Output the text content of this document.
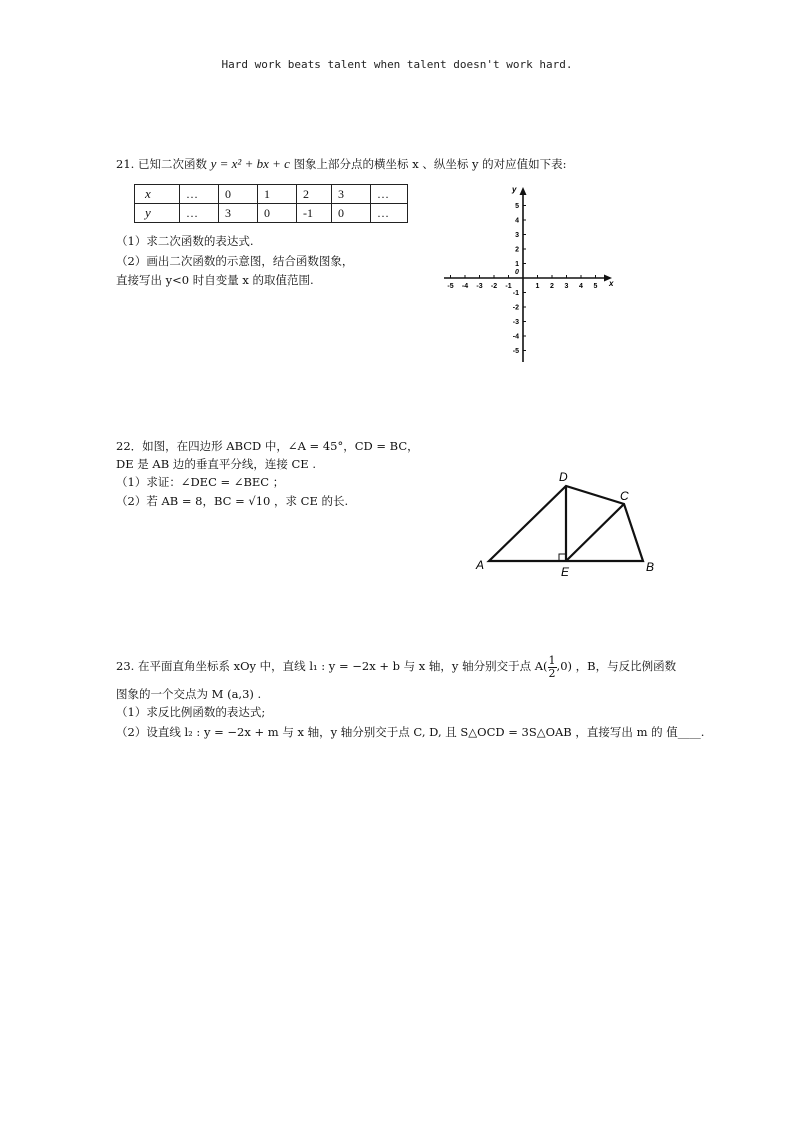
Hard work beats talent when talent doesn't work hard.
21. 已知二次函数 y = x² + bx + c 图象上部分点的横坐标 x 、纵坐标 y 的对应值如下表:
x	…	0	1	2	3	…
y	…	3	0	-1	0	…
（1）求二次函数的表达式.
（2）画出二次函数的示意图，结合函数图象，
直接写出 y<0 时自变量 x 的取值范围.	-5 -4 -3 -2 -1	1 2 3 4 5
5
4
3
2
1
-1
-2
-3
-4
-5
x
y
0
22．如图，在四边形 ABCD 中，∠A = 45°，CD = BC，
DE 是 AB 边的垂直平分线，连接 CE .
（1）求证：∠DEC = ∠BEC ；
（2）若 AB = 8，BC = √10 ，求 CE 的长.
A	B
C
D
E
23. 在平面直角坐标系 xOy 中，直线 l₁ : y = −2x + b 与 x 轴，y 轴分别交于点 $A( \frac{1}{2} ,0)$ ，B，与反比例函数
图象的一个交点为 M (a,3) .
（1）求反比例函数的表达式;
（2）设直线 l₂ : y = −2x + m 与 x 轴，y 轴分别交于点 C, D, 且 S△OCD = 3S△OAB ，直接写出 m 的 值____.
